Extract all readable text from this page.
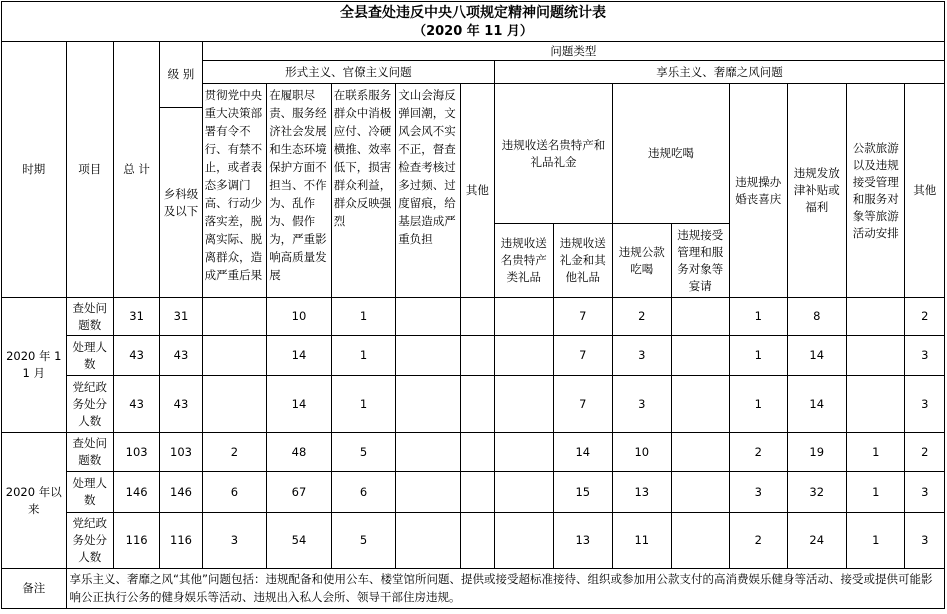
全县查处违反中央八项规定精神问题统计表
（2020 年 11 月）
时期	项目	总 计	级 别	问题类型												
				形式主义、官僚主义问题					享乐主义、奢靡之风问题							
				贯彻党中央重大决策部署有令不行、有禁不止，或者表态多调门高、行动少落实差，脱离实际、脱离群众，造成严重后果	在履职尽责、服务经济社会发展和生态环境保护方面不担当、不作为、乱作为、假作为，严重影响高质量发展	在联系服务群众中消极应付、冷硬横推、效率低下，损害群众利益，群众反映强烈	文山会海反弹回潮，文风会风不实不正，督查检查考核过多过频、过度留痕，给基层造成严重负担	其他	违规收送名贵特产和礼品礼金		违规吃喝		违规操办婚丧喜庆	违规发放津补贴或福利	公款旅游以及违规接受管理和服务对象等旅游活动安排	其他
			乡科级及以下													
									违规收送名贵特产类礼品	违规收送礼金和其他礼品	违规公款吃喝	违规接受管理和服务对象等宴请				
2020 年 11 月	查处问题数	31	31		10	1				7	2		1	8		2
	处理人数	43	43		14	1				7	3		1	14		3
	党纪政务处分人数	43	43		14	1				7	3		1	14		3
2020 年以来	查处问题数	103	103	2	48	5				14	10		2	19	1	2
	处理人数	146	146	6	67	6				15	13		3	32	1	3
	党纪政务处分人数	116	116	3	54	5				13	11		2	24	1	3
备注	享乐主义、奢靡之风“其他”问题包括：违规配备和使用公车、楼堂馆所问题、提供或接受超标准接待、组织或参加用公款支付的高消费娱乐健身等活动、接受或提供可能影响公正执行公务的健身娱乐等活动、违规出入私人会所、领导干部住房违规。															
